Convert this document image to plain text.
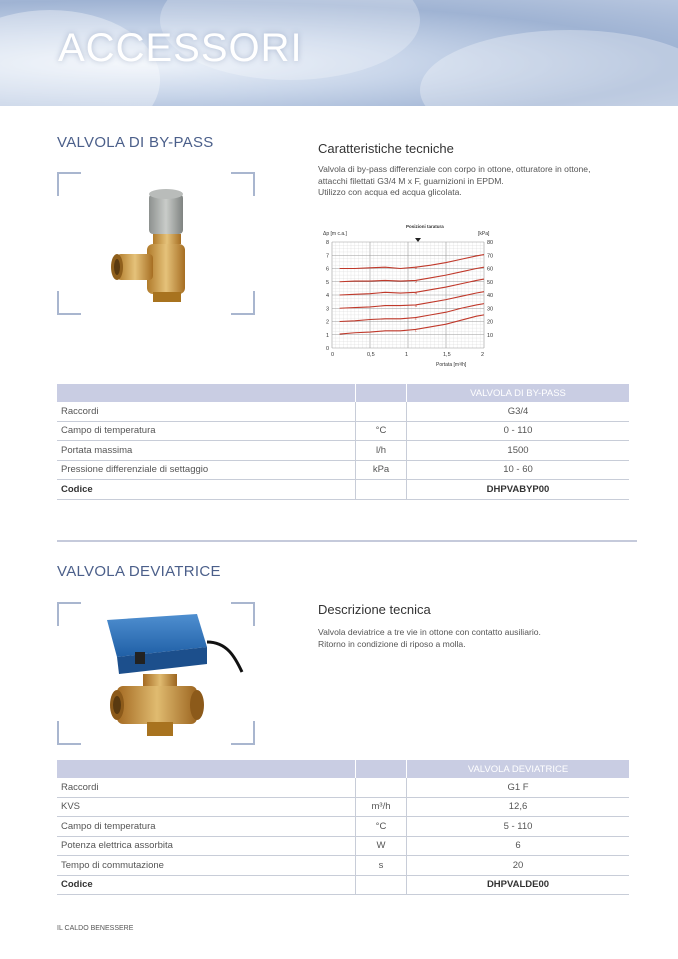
ACCESSORI
VALVOLA DI BY-PASS	Caratteristiche tecniche
Valvola di by-pass differenziale con corpo in ottone, otturatore in ottone,
attacchi filettati G3/4 M x F, guarnizioni in EPDM.
Utilizzo con acqua ed acqua glicolata.
1
2
3
4
5
6
0
1
2
3
4
5
6
7
8
10
20
30
40
50
60
70
80
0	0,5	1	1,5	2
Δp [m c.a.]	[kPa]
Portata [m³/h]
Posizioni taratura
		VALVOLA DI BY-PASS
Raccordi		G3/4
Campo di temperatura	°C	0 - 110
Portata massima	l/h	1500
Pressione differenziale di settaggio	kPa	10 - 60
Codice		DHPVABYP00
VALVOLA DEVIATRICE
Descrizione tecnica
Valvola deviatrice a tre vie in ottone con contatto ausiliario.
Ritorno in condizione di riposo a molla.
		VALVOLA DEVIATRICE
Raccordi		G1 F
KVS	m³/h	12,6
Campo di temperatura	°C	5 - 110
Potenza elettrica assorbita	W	6
Tempo di commutazione	s	20
Codice		DHPVALDE00
IL CALDO BENESSERE
